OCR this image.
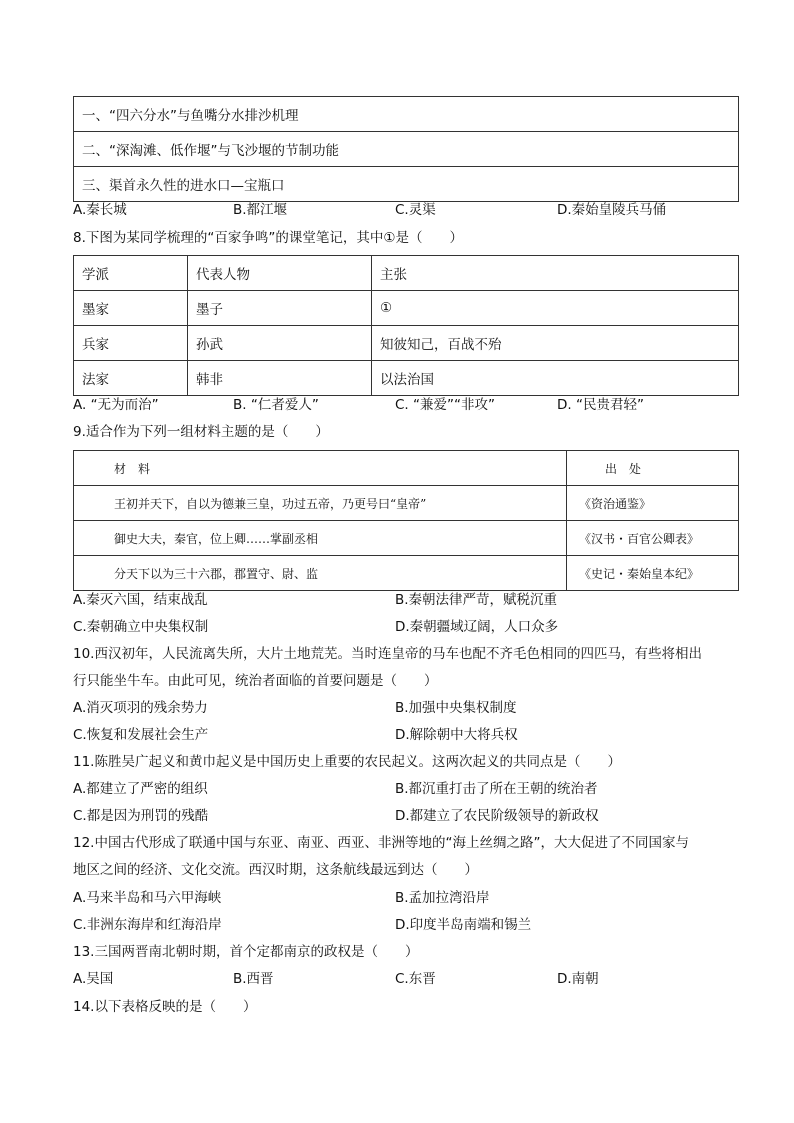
一、“四六分水”与鱼嘴分水排沙机理
二、“深淘滩、低作堰”与飞沙堰的节制功能
三、渠首永久性的进水口—宝瓶口
A.秦长城	B.都江堰	C.灵渠	D.秦始皇陵兵马俑
8.下图为某同学梳理的“百家争鸣”的课堂笔记，其中①是（　　）
学派	代表人物	主张
墨家	墨子	①
兵家	孙武	知彼知己，百战不殆
法家	韩非	以法治国
A. “无为而治”	B. “仁者爱人”	C. “兼爱”“非攻”	D. “民贵君轻”
9.适合作为下列一组材料主题的是（　　）
材　料	出　处
王初并天下，自以为德兼三皇，功过五帝，乃更号曰“皇帝”	《资治通鉴》
御史大夫，秦官，位上卿……掌副丞相	《汉书・百官公卿表》
分天下以为三十六郡，郡置守、尉、监	《史记・秦始皇本纪》
A.秦灭六国，结束战乱	B.秦朝法律严苛，赋税沉重
C.秦朝确立中央集权制	D.秦朝疆域辽阔，人口众多
10.西汉初年，人民流离失所，大片土地荒芜。当时连皇帝的马车也配不齐毛色相同的四匹马，有些将相出
行只能坐牛车。由此可见，统治者面临的首要问题是（　　）
A.消灭项羽的残余势力	B.加强中央集权制度
C.恢复和发展社会生产	D.解除朝中大将兵权
11.陈胜吴广起义和黄巾起义是中国历史上重要的农民起义。这两次起义的共同点是（　　）
A.都建立了严密的组织	B.都沉重打击了所在王朝的统治者
C.都是因为刑罚的残酷	D.都建立了农民阶级领导的新政权
12.中国古代形成了联通中国与东亚、南亚、西亚、非洲等地的“海上丝绸之路”，大大促进了不同国家与
地区之间的经济、文化交流。西汉时期，这条航线最远到达（　　）
A.马来半岛和马六甲海峡	B.孟加拉湾沿岸
C.非洲东海岸和红海沿岸	D.印度半岛南端和锡兰
13.三国两晋南北朝时期，首个定都南京的政权是（　　）
A.吴国	B.西晋	C.东晋	D.南朝
14.以下表格反映的是（　　）
